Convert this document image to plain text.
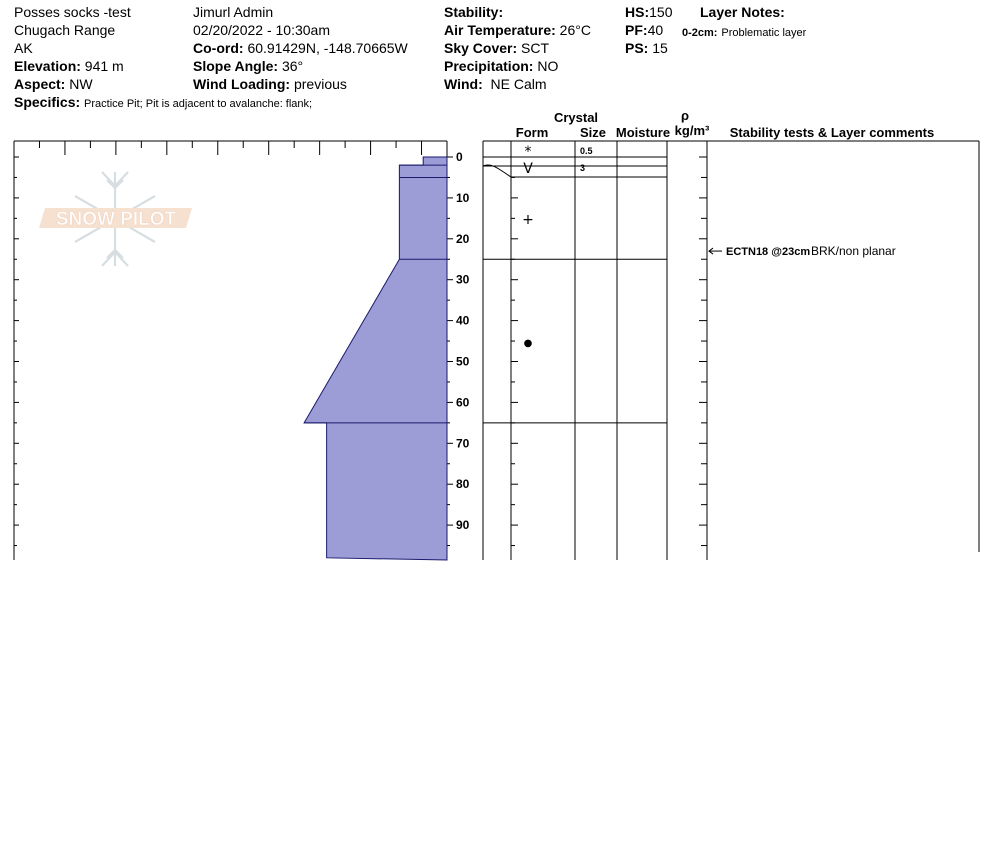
Posses socks -test
Chugach Range
AK
Elevation: 941 m
Aspect: NW
Specifics: Practice Pit; Pit is adjacent to avalanche: flank;
Jimurl Admin
02/20/2022 - 10:30am
Co-ord: 60.91429N, -148.70665W
Slope Angle: 36°
Wind Loading: previous
Stability:
Air Temperature: 26°C
Sky Cover: SCT
Precipitation: NO
Wind: NE Calm
HS:150
PF:40
PS: 15
Layer Notes:
0-2cm: Problematic layer
SNOW PILOT
0
10
20
30
40
50
60
70
80
90
*	0.5
V	3
+
●
Crystal
Form Size Moisture
ρ
kg/m³ Stability tests & Layer comments
ECTN18 @23cm BRK/non planar
